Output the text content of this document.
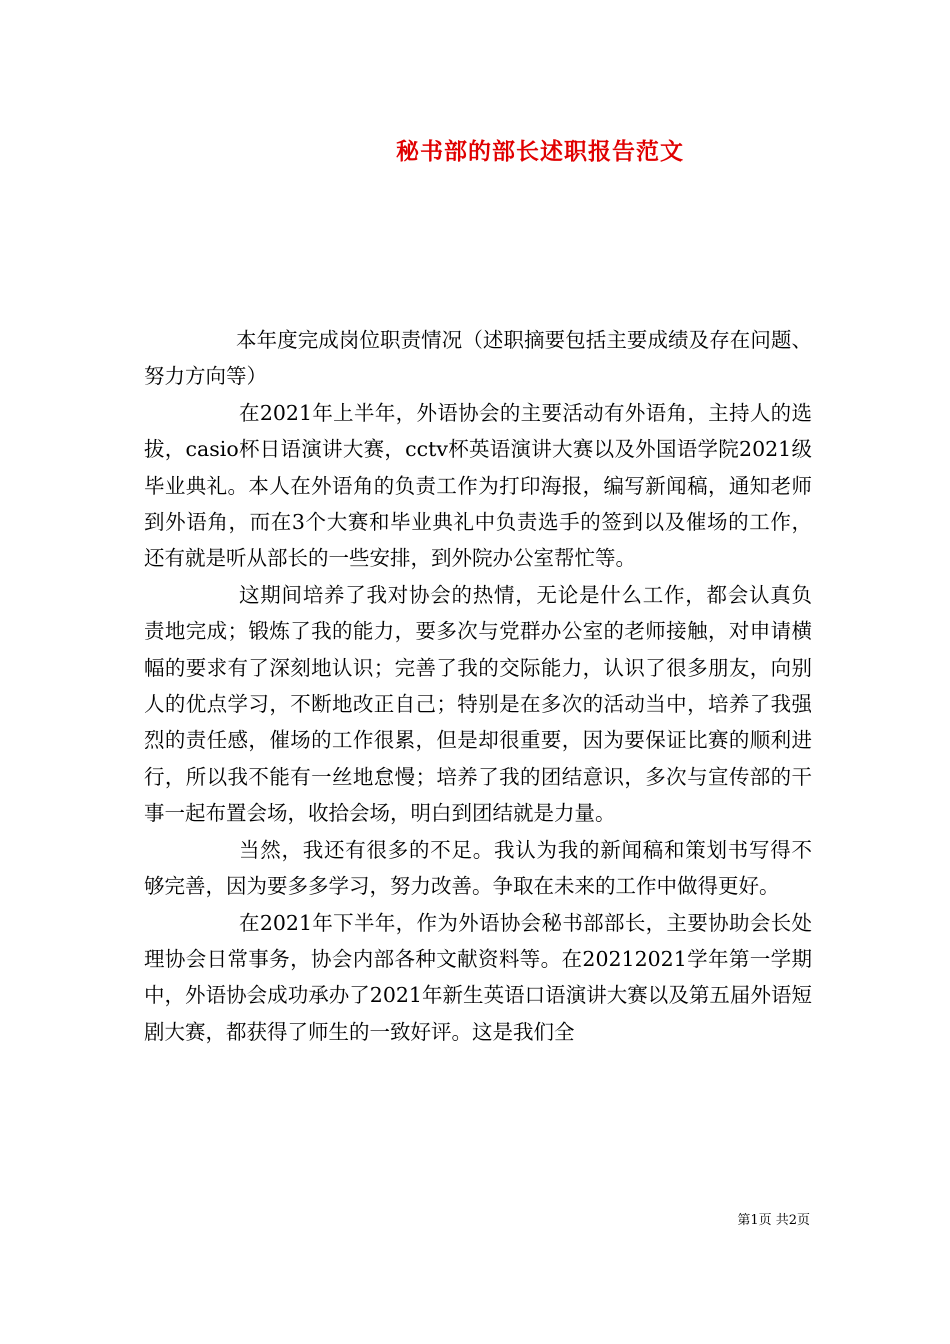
秘书部的部长述职报告范文

本年度完成岗位职责情况（述职摘要包括主要成绩及存在问题、努力方向等）

在2021年上半年，外语协会的主要活动有外语角，主持人的选拔，casio杯日语演讲大赛，cctv杯英语演讲大赛以及外国语学院2021级毕业典礼。本人在外语角的负责工作为打印海报，编写新闻稿，通知老师到外语角，而在3个大赛和毕业典礼中负责选手的签到以及催场的工作，还有就是听从部长的一些安排，到外院办公室帮忙等。

这期间培养了我对协会的热情，无论是什么工作，都会认真负责地完成；锻炼了我的能力，要多次与党群办公室的老师接触，对申请横幅的要求有了深刻地认识；完善了我的交际能力，认识了很多朋友，向别人的优点学习，不断地改正自己；特别是在多次的活动当中，培养了我强烈的责任感，催场的工作很累，但是却很重要，因为要保证比赛的顺利进行，所以我不能有一丝地怠慢；培养了我的团结意识，多次与宣传部的干事一起布置会场，收拾会场，明白到团结就是力量。

当然，我还有很多的不足。我认为我的新闻稿和策划书写得不够完善，因为要多多学习，努力改善。争取在未来的工作中做得更好。

在2021年下半年，作为外语协会秘书部部长，主要协助会长处理协会日常事务，协会内部各种文献资料等。在20212021学年第一学期中，外语协会成功承办了2021年新生英语口语演讲大赛以及第五届外语短剧大赛，都获得了师生的一致好评。这是我们全

第1页 共2页
